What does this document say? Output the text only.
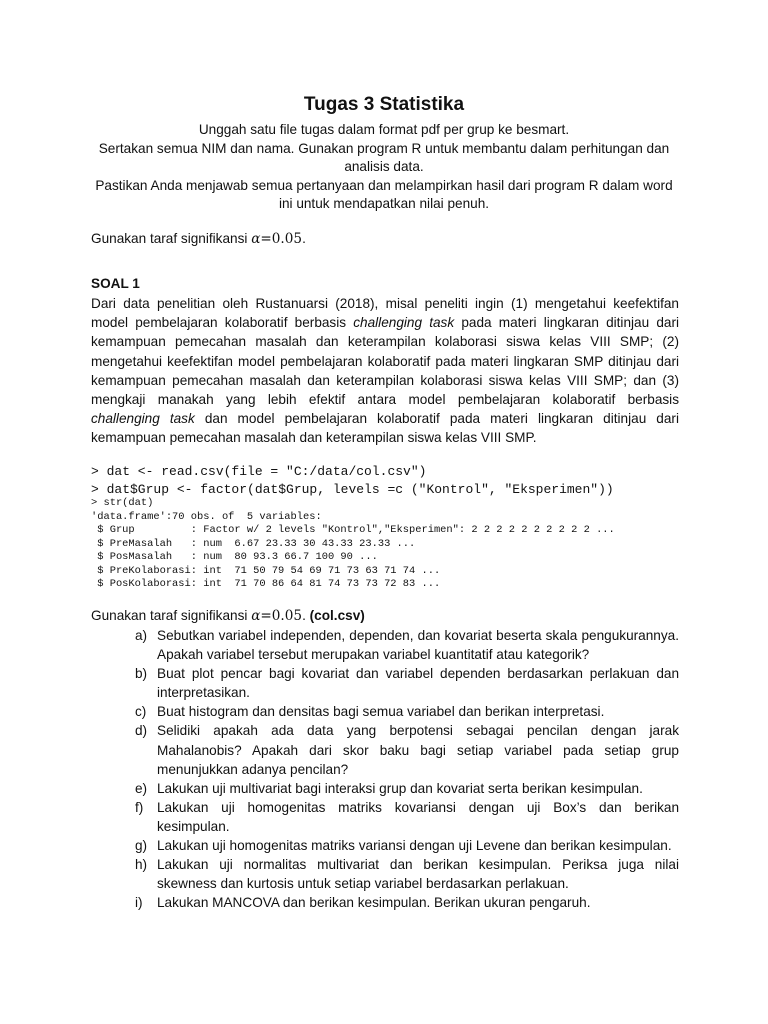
Tugas 3 Statistika
Unggah satu file tugas dalam format pdf per grup ke besmart.
Sertakan semua NIM dan nama. Gunakan program R untuk membantu dalam perhitungan dan
analisis data.
Pastikan Anda menjawab semua pertanyaan dan melampirkan hasil dari program R dalam word
ini untuk mendapatkan nilai penuh.
Gunakan taraf signifikansi α=0.05.
SOAL 1
Dari data penelitian oleh Rustanuarsi (2018), misal peneliti ingin (1) mengetahui keefektifan
model pembelajaran kolaboratif berbasis challenging task pada materi lingkaran ditinjau dari
kemampuan pemecahan masalah dan keterampilan kolaborasi siswa kelas VIII SMP; (2)
mengetahui keefektifan model pembelajaran kolaboratif pada materi lingkaran SMP ditinjau dari
kemampuan pemecahan masalah dan keterampilan kolaborasi siswa kelas VIII SMP; dan (3)
mengkaji manakah yang lebih efektif antara model pembelajaran kolaboratif berbasis
challenging task dan model pembelajaran kolaboratif pada materi lingkaran ditinjau dari
kemampuan pemecahan masalah dan keterampilan siswa kelas VIII SMP.
> dat <- read.csv(file = "C:/data/col.csv")
> dat$Grup <- factor(dat$Grup, levels =c ("Kontrol", "Eksperimen"))
> str(dat)
'data.frame':70 obs. of  5 variables:
$ Grup         : Factor w/ 2 levels "Kontrol","Eksperimen": 2 2 2 2 2 2 2 2 2 2 ...
$ PreMasalah   : num  6.67 23.33 30 43.33 23.33 ...
$ PosMasalah   : num  80 93.3 66.7 100 90 ...
$ PreKolaborasi: int  71 50 79 54 69 71 73 63 71 74 ...
$ PosKolaborasi: int  71 70 86 64 81 74 73 73 72 83 ...
Gunakan taraf signifikansi α=0.05. (col.csv)
a) Sebutkan variabel independen, dependen, dan kovariat beserta skala pengukurannya.
Apakah variabel tersebut merupakan variabel kuantitatif atau kategorik?
b) Buat plot pencar bagi kovariat dan variabel dependen berdasarkan perlakuan dan
interpretasikan.
c) Buat histogram dan densitas bagi semua variabel dan berikan interpretasi.
d) Selidiki apakah ada data yang berpotensi sebagai pencilan dengan jarak
Mahalanobis? Apakah dari skor baku bagi setiap variabel pada setiap grup
menunjukkan adanya pencilan?
e) Lakukan uji multivariat bagi interaksi grup dan kovariat serta berikan kesimpulan.
f)	Lakukan uji homogenitas matriks kovariansi dengan uji Box’s dan berikan
kesimpulan.
g) Lakukan uji homogenitas matriks variansi dengan uji Levene dan berikan kesimpulan.
h) Lakukan uji normalitas multivariat dan berikan kesimpulan. Periksa juga nilai
skewness dan kurtosis untuk setiap variabel berdasarkan perlakuan.
i)	Lakukan MANCOVA dan berikan kesimpulan. Berikan ukuran pengaruh.
